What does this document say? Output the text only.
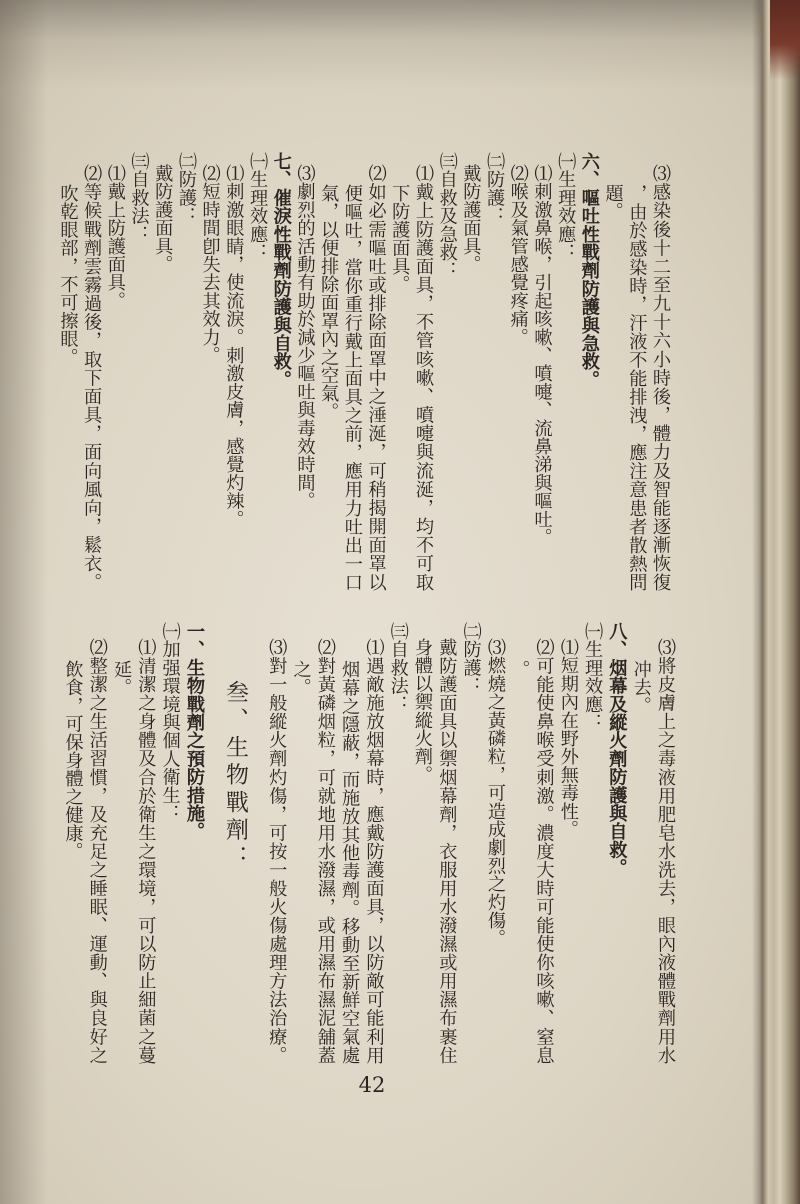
⑶感染後十二至九十六小時後，體力及智能逐漸恢復
，由於感染時，汗液不能排洩，應注意患者散熱問
題。
六、嘔吐性戰劑防護與急救。
㈠生理效應：
⑴刺激鼻喉，引起咳嗽、噴嚏、流鼻涕與嘔吐。
⑵喉及氣管感覺疼痛。
㈡防護：
戴防護面具。
㈢自救及急救：
⑴戴上防護面具，不管咳嗽、噴嚏與流涎，均不可取
下防護面具。
⑵如必需嘔吐或排除面罩中之涶涎，可稍揭開面罩以
便嘔吐，當你重行戴上面具之前，應用力吐出一口
氣，以便排除面罩內之空氣。
⑶劇烈的活動有助於減少嘔吐與毒效時間。
七、催淚性戰劑防護與自救。
㈠生理效應：
⑴刺激眼睛，使流淚。刺激皮膚，感覺灼辣。
⑵短時間卽失去其效力。
㈡防護：
戴防護面具。
㈢自救法：
⑴戴上防護面具。
⑵等候戰劑雲霧過後，取下面具，面向風向，鬆衣。
吹乾眼部，不可擦眼。
⑶將皮膚上之毒液用肥皂水洗去，眼內液體戰劑用水
冲去。
八、烟幕及縱火劑防護與自救。
㈠生理效應：
⑴短期內在野外無毒性。
⑵可能使鼻喉受刺激。濃度大時可能使你咳嗽、窒息
。
⑶燃燒之黃磷粒，可造成劇烈之灼傷。
㈡防護：
戴防護面具以禦烟幕劑，衣服用水潑濕或用濕布裹住
身體以禦縱火劑。
㈢自救法：
⑴遇敵施放烟幕時，應戴防護面具，以防敵可能利用
烟幕之隱蔽，而施放其他毒劑。移動至新鮮空氣處
⑵對黃磷烟粒，可就地用水潑濕，或用濕布濕泥舖蓋
之。
⑶對一般縱火劑灼傷，可按一般火傷處理方法治療。
叁、生物戰劑：
一、生物戰劑之預防措施。
㈠加强環境與個人衛生：
⑴清潔之身體及合於衛生之環境，可以防止細菌之蔓
延。
⑵整潔之生活習慣，及充足之睡眠、運動、與良好之
飲食，可保身體之健康。
42
